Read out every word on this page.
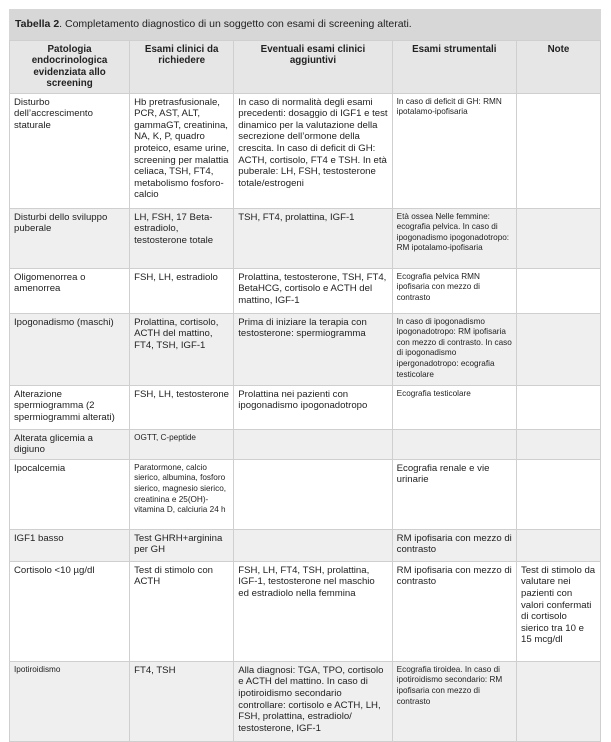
Tabella 2. Completamento diagnostico di un soggetto con esami di screening alterati.
Patologia endocrinologica evidenziata allo screening	Esami clinici da richiedere	Eventuali esami clinici aggiuntivi	Esami strumentali	Note
Disturbo dell’accrescimento staturale	Hb pretrasfusionale, PCR, AST, ALT, gammaGT, creatinina, NA, K, P, quadro proteico, esame urine, screening per malattia celiaca, TSH, FT4, metabolismo fosforo-calcio	In caso di normalità degli esami precedenti: dosaggio di IGF1 e test dinamico per la valutazione della secrezione dell’ormone della crescita. In caso di deficit di GH: ACTH, cortisolo, FT4 e TSH. In età puberale: LH, FSH, testosterone totale/estrogeni	In caso di deficit di GH: RMN ipotalamo-ipofisaria	
Disturbi dello sviluppo puberale	LH, FSH, 17 Beta-estradiolo, testosterone totale	TSH, FT4, prolattina, IGF-1	Età ossea Nelle femmine: ecografia pelvica. In caso di ipogonadismo ipogonadotropo: RM ipotalamo-ipofisaria	
Oligomenorrea o amenorrea	FSH, LH, estradiolo	Prolattina, testosterone, TSH, FT4, BetaHCG, cortisolo e ACTH del mattino, IGF-1	Ecografia pelvica RMN ipofisaria con mezzo di contrasto	
Ipogonadismo (maschi)	Prolattina, cortisolo, ACTH del mattino, FT4, TSH, IGF-1	Prima di iniziare la terapia con testosterone: spermiogramma	In caso di ipogonadismo ipogonadotropo: RM ipofisaria con mezzo di contrasto. In caso di ipogonadismo ipergonadotropo: ecografia testicolare	
Alterazione spermiogramma (2 spermiogrammi alterati)	FSH, LH, testosterone	Prolattina nei pazienti con ipogonadismo ipogonadotropo	Ecografia testicolare	
Alterata glicemia a digiuno	OGTT, C-peptide			
Ipocalcemia	Paratormone, calcio sierico, albumina, fosforo sierico, magnesio sierico, creatinina e 25(OH)-vitamina D, calciuria 24 h		Ecografia renale e vie urinarie	
IGF1 basso	Test GHRH+arginina per GH		RM ipofisaria con mezzo di contrasto	
Cortisolo <10 µg/dl	Test di stimolo con ACTH	FSH, LH, FT4, TSH, prolattina, IGF-1, testosterone nel maschio ed estradiolo nella femmina	RM ipofisaria con mezzo di contrasto	Test di stimolo da valutare nei pazienti con valori confermati di cortisolo sierico tra 10 e 15 mcg/dl
Ipotiroidismo	FT4, TSH	Alla diagnosi: TGA, TPO, cortisolo e ACTH del mattino. In caso di ipotiroidismo secondario controllare: cortisolo e ACTH, LH, FSH, prolattina, estradiolo/ testosterone, IGF-1	Ecografia tiroidea. In caso di ipotiroidismo secondario: RM ipofisaria con mezzo di contrasto	
